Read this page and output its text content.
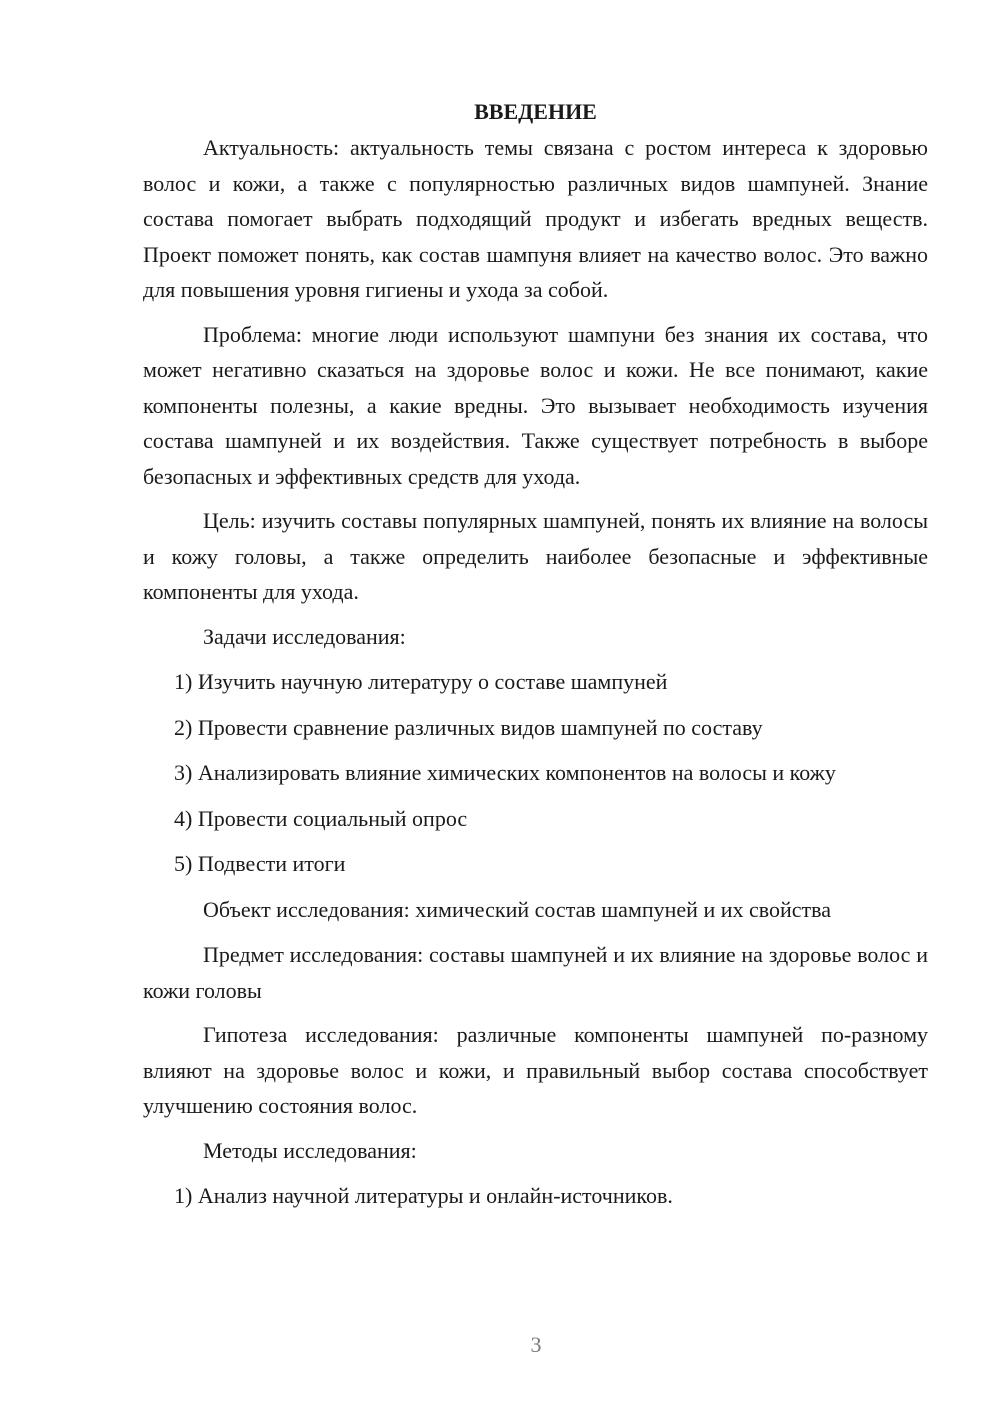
ВВЕДЕНИЕ

Актуальность: актуальность темы связана с ростом интереса к здоровью волос и кожи, а также с популярностью различных видов шампуней. Знание состава помогает выбрать подходящий продукт и избегать вредных веществ. Проект поможет понять, как состав шампуня влияет на качество волос. Это важно для повышения уровня гигиены и ухода за собой.

Проблема: многие люди используют шампуни без знания их состава, что может негативно сказаться на здоровье волос и кожи. Не все понимают, какие компоненты полезны, а какие вредны. Это вызывает необходимость изучения состава шампуней и их воздействия. Также существует потребность в выборе безопасных и эффективных средств для ухода.

Цель: изучить составы популярных шампуней, понять их влияние на волосы и кожу головы, а также определить наиболее безопасные и эффективные компоненты для ухода.

Задачи исследования:
1) Изучить научную литературу о составе шампуней
2) Провести сравнение различных видов шампуней по составу
3) Анализировать влияние химических компонентов на волосы и кожу
4) Провести социальный опрос
5) Подвести итоги
Объект исследования: химический состав шампуней и их свойства

Предмет исследования: составы шампуней и их влияние на здоровье волос и кожи головы

Гипотеза исследования: различные компоненты шампуней по-разному влияют на здоровье волос и кожи, и правильный выбор состава способствует улучшению состояния волос.

Методы исследования:
1) Анализ научной литературы и онлайн-источников.
3
